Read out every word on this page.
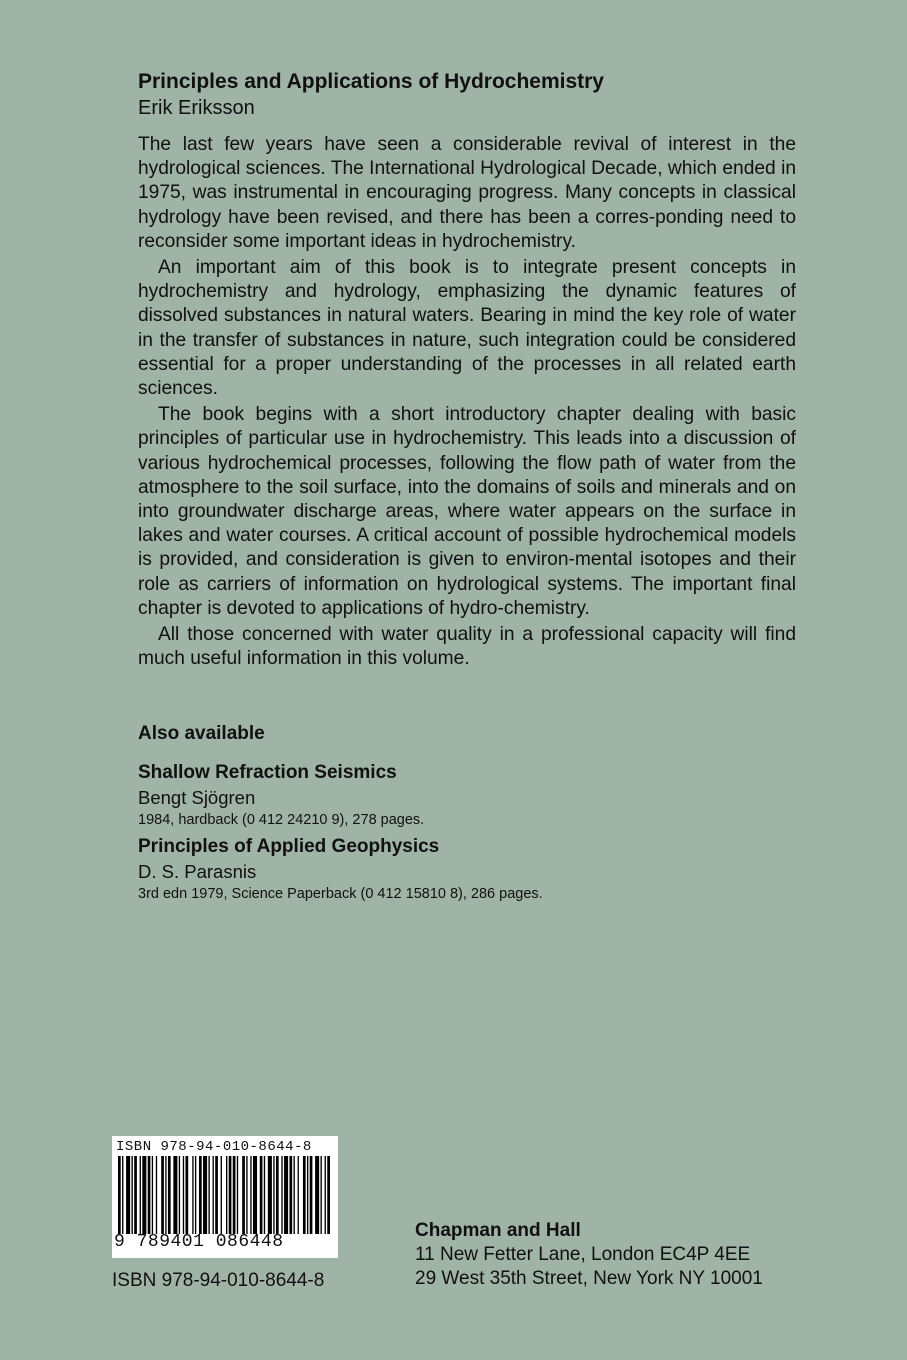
Principles and Applications of Hydrochemistry
Erik Eriksson

The last few years have seen a considerable revival of interest in the hydrological sciences. The International Hydrological Decade, which ended in 1975, was instrumental in encouraging progress. Many concepts in classical hydrology have been revised, and there has been a corres-ponding need to reconsider some important ideas in hydrochemistry.

An important aim of this book is to integrate present concepts in hydrochemistry and hydrology, emphasizing the dynamic features of dissolved substances in natural waters. Bearing in mind the key role of water in the transfer of substances in nature, such integration could be considered essential for a proper understanding of the processes in all related earth sciences.

The book begins with a short introductory chapter dealing with basic principles of particular use in hydrochemistry. This leads into a discussion of various hydrochemical processes, following the flow path of water from the atmosphere to the soil surface, into the domains of soils and minerals and on into groundwater discharge areas, where water appears on the surface in lakes and water courses. A critical account of possible hydrochemical models is provided, and consideration is given to environ-mental isotopes and their role as carriers of information on hydrological systems. The important final chapter is devoted to applications of hydro-chemistry.

All those concerned with water quality in a professional capacity will find much useful information in this volume.

Also available
Shallow Refraction Seismics
Bengt Sjögren
1984, hardback (0 412 24210 9), 278 pages.
Principles of Applied Geophysics
D. S. Parasnis
3rd edn 1979, Science Paperback (0 412 15810 8), 286 pages.
ISBN 978-94-010-8644-8
9 789401 086448
ISBN 978-94-010-8644-8
Chapman and Hall
11 New Fetter Lane, London EC4P 4EE
29 West 35th Street, New York NY 10001
